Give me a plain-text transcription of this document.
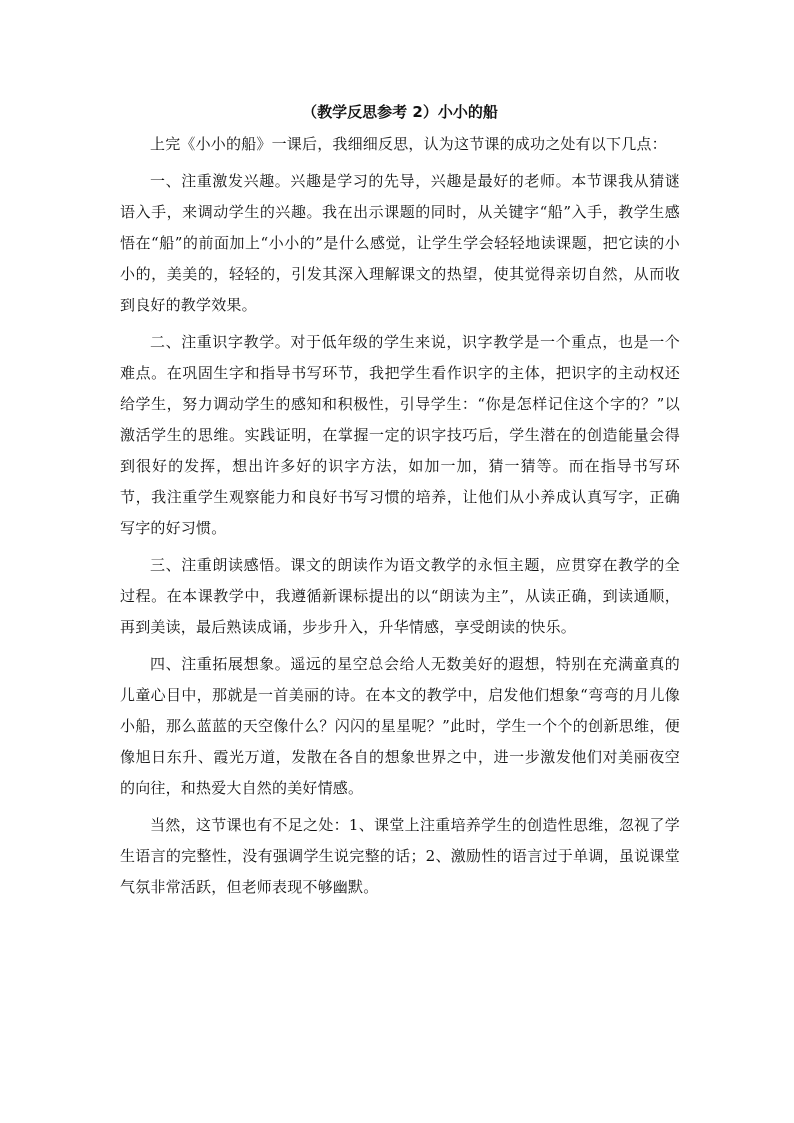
（教学反思参考 2）小小的船

上完《小小的船》一课后，我细细反思，认为这节课的成功之处有以下几点：

一、注重激发兴趣。兴趣是学习的先导，兴趣是最好的老师。本节课我从猜谜语入手，来调动学生的兴趣。我在出示课题的同时，从关键字“船”入手，教学生感悟在“船”的前面加上“小小的”是什么感觉，让学生学会轻轻地读课题，把它读的小小的，美美的，轻轻的，引发其深入理解课文的热望，使其觉得亲切自然，从而收到良好的教学效果。

二、注重识字教学。对于低年级的学生来说，识字教学是一个重点，也是一个难点。在巩固生字和指导书写环节，我把学生看作识字的主体，把识字的主动权还给学生，努力调动学生的感知和积极性，引导学生：“你是怎样记住这个字的？”以激活学生的思维。实践证明，在掌握一定的识字技巧后，学生潜在的创造能量会得到很好的发挥，想出许多好的识字方法，如加一加，猜一猜等。而在指导书写环节，我注重学生观察能力和良好书写习惯的培养，让他们从小养成认真写字，正确写字的好习惯。

三、注重朗读感悟。课文的朗读作为语文教学的永恒主题，应贯穿在教学的全过程。在本课教学中，我遵循新课标提出的以“朗读为主”，从读正确，到读通顺，再到美读，最后熟读成诵，步步升入，升华情感，享受朗读的快乐。

四、注重拓展想象。遥远的星空总会给人无数美好的遐想，特别在充满童真的儿童心目中，那就是一首美丽的诗。在本文的教学中，启发他们想象“弯弯的月儿像小船，那么蓝蓝的天空像什么？闪闪的星星呢？”此时，学生一个个的创新思维，便像旭日东升、霞光万道，发散在各自的想象世界之中，进一步激发他们对美丽夜空的向往，和热爱大自然的美好情感。

当然，这节课也有不足之处：1、课堂上注重培养学生的创造性思维，忽视了学生语言的完整性，没有强调学生说完整的话；2、激励性的语言过于单调，虽说课堂气氛非常活跃，但老师表现不够幽默。
